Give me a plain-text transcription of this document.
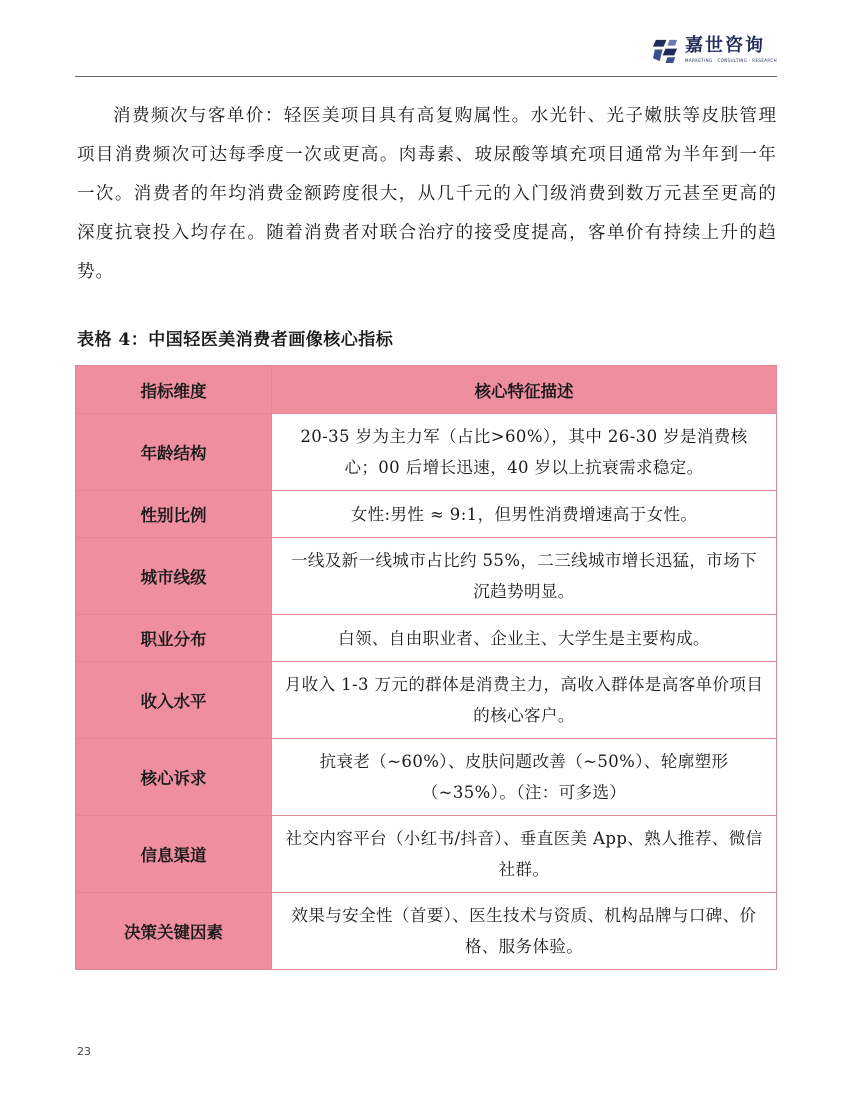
嘉世咨询
MARKETING · CONSULTING · RESEARCH

消费频次与客单价：轻医美项目具有高复购属性。水光针、光子嫩肤等皮肤管理项目消费频次可达每季度一次或更高。肉毒素、玻尿酸等填充项目通常为半年到一年一次。消费者的年均消费金额跨度很大，从几千元的入门级消费到数万元甚至更高的深度抗衰投入均存在。随着消费者对联合治疗的接受度提高，客单价有持续上升的趋势。

表格 4：中国轻医美消费者画像核心指标

指标维度	核心特征描述
年龄结构	20-35 岁为主力军（占比>60%），其中 26-30 岁是消费核心；00 后增长迅速，40 岁以上抗衰需求稳定。
性别比例	女性:男性 ≈ 9:1，但男性消费增速高于女性。
城市线级	一线及新一线城市占比约 55%，二三线城市增长迅猛，市场下沉趋势明显。
职业分布	白领、自由职业者、企业主、大学生是主要构成。
收入水平	月收入 1-3 万元的群体是消费主力，高收入群体是高客单价项目的核心客户。
核心诉求	抗衰老（~60%）、皮肤问题改善（~50%）、轮廓塑形（~35%）。（注：可多选）
信息渠道	社交内容平台（小红书/抖音）、垂直医美 App、熟人推荐、微信社群。
决策关键因素	效果与安全性（首要）、医生技术与资质、机构品牌与口碑、价格、服务体验。
23
